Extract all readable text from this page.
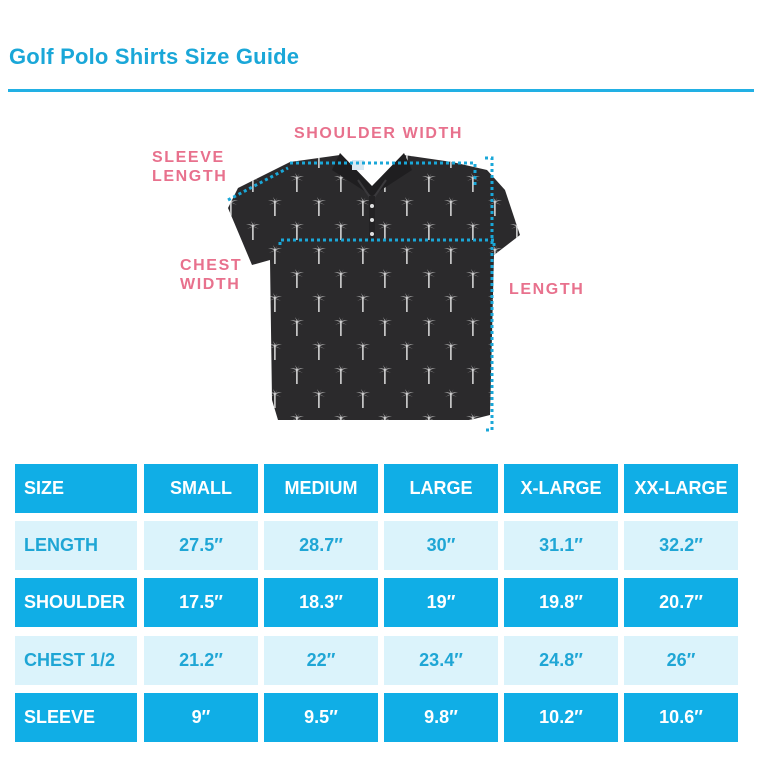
Golf Polo Shirts Size Guide
SHOULDER WIDTH
SLEEVE
LENGTH
CHEST
WIDTH	LENGTH
SIZE	SMALL	MEDIUM	LARGE	X-LARGE	XX-LARGE
LENGTH	27.5″	28.7″	30″	31.1″	32.2″
SHOULDER	17.5″	18.3″	19″	19.8″	20.7″
CHEST 1/2	21.2″	22″	23.4″	24.8″	26″
SLEEVE	9″	9.5″	9.8″	10.2″	10.6″
